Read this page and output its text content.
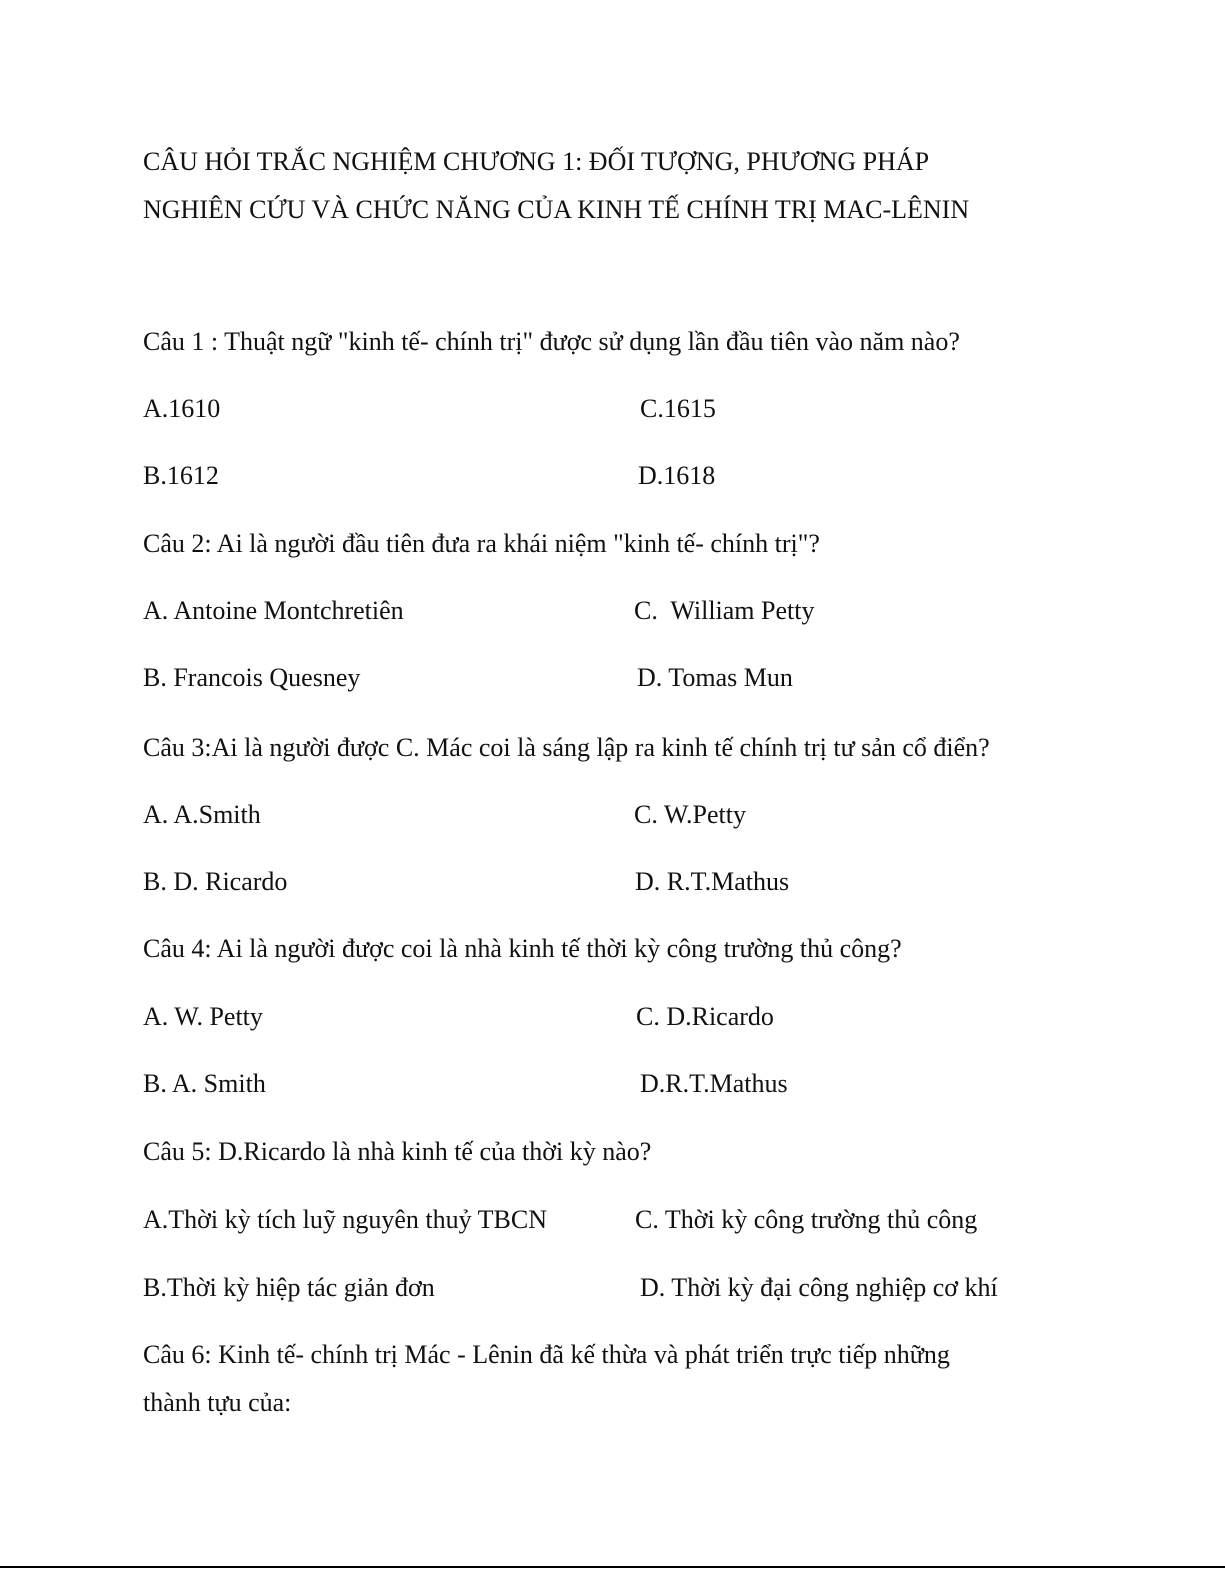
CÂU HỎI TRẮC NGHIỆM CHƯƠNG 1: ĐỐI TƯỢNG, PHƯƠNG PHÁP
NGHIÊN CỨU VÀ CHỨC NĂNG CỦA KINH TẾ CHÍNH TRỊ MAC-LÊNIN
Câu 1 : Thuật ngữ "kinh tế- chính trị" được sử dụng lần đầu tiên vào năm nào?
A.1610	C.1615
B.1612	D.1618
Câu 2: Ai là người đầu tiên đưa ra khái niệm "kinh tế- chính trị"?
A. Antoine Montchretiên	C.  William Petty
B. Francois Quesney	D. Tomas Mun
Câu 3:Ai là người được C. Mác coi là sáng lập ra kinh tế chính trị tư sản cổ điển?
A. A.Smith	C. W.Petty
B. D. Ricardo	D. R.T.Mathus
Câu 4: Ai là người được coi là nhà kinh tế thời kỳ công trường thủ công?
A. W. Petty	C. D.Ricardo
B. A. Smith	D.R.T.Mathus
Câu 5: D.Ricardo là nhà kinh tế của thời kỳ nào?
A.Thời kỳ tích luỹ nguyên thuỷ TBCN	C. Thời kỳ công trường thủ công
B.Thời kỳ hiệp tác giản đơn	D. Thời kỳ đại công nghiệp cơ khí
Câu 6: Kinh tế- chính trị Mác - Lênin đã kế thừa và phát triển trực tiếp những
thành tựu của:
